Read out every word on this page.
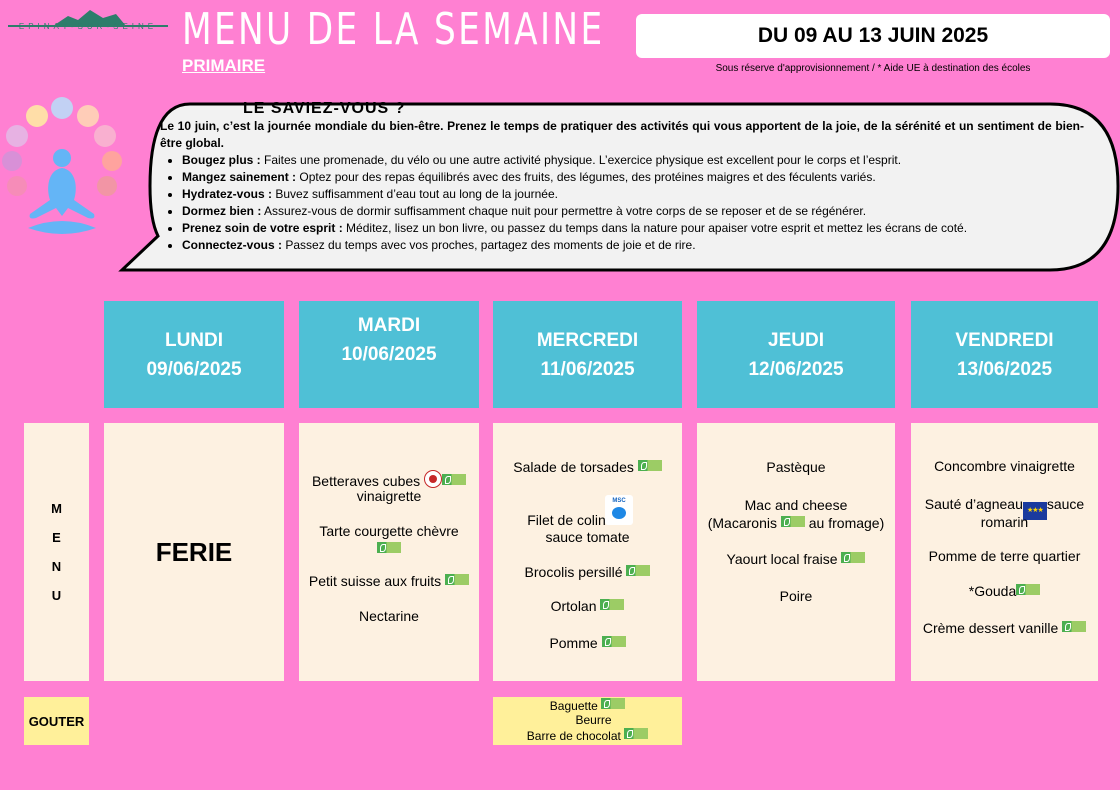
EPINAY-SUR-SEINE MENU DE LA SEMAINE
PRIMAIRE
DU 09 AU 13 JUIN 2025
Sous réserve d'approvisionnement / * Aide UE à destination des écoles
LE SAVIEZ-VOUS ?
Le 10 juin, c’est la journée mondiale du bien-être. Prenez le temps de pratiquer des activités qui vous apportent de la joie, de la sérénité et un sentiment de bien-être global.
• Bougez plus : Faites une promenade, du vélo ou une autre activité physique. L’exercice physique est excellent pour le corps et l’esprit.
• Mangez sainement : Optez pour des repas équilibrés avec des fruits, des légumes, des protéines maigres et des féculents variés.
• Hydratez-vous : Buvez suffisamment d’eau tout au long de la journée.
• Dormez bien : Assurez-vous de dormir suffisamment chaque nuit pour permettre à votre corps de se reposer et de se régénérer.
• Prenez soin de votre esprit : Méditez, lisez un bon livre, ou passez du temps dans la nature pour apaiser votre esprit et mettez les écrans de coté.
• Connectez-vous : Passez du temps avec vos proches, partagez des moments de joie et de rire.
LUNDI
09/06/2025
MARDI
10/06/2025
MERCREDI
11/06/2025
JEUDI
12/06/2025
VENDREDI
13/06/2025
M
E
N
U
FERIE
Betteraves cubes
vinaigrette
Tarte courgette chèvre
Petit suisse aux fruits
Nectarine
Salade de torsades
MSC
Filet de colin
sauce tomate
Brocolis persillé
Ortolan
Pomme
Pastèque
Mac and cheese
(Macaronis  au fromage)
Yaourt local fraise
Poire
Concombre vinaigrette
Sauté d’agneau ★★★ sauce
romarin
Pomme de terre quartier
*Gouda
Crème dessert vanille
GOUTER
Baguette
Beurre
Barre de chocolat
